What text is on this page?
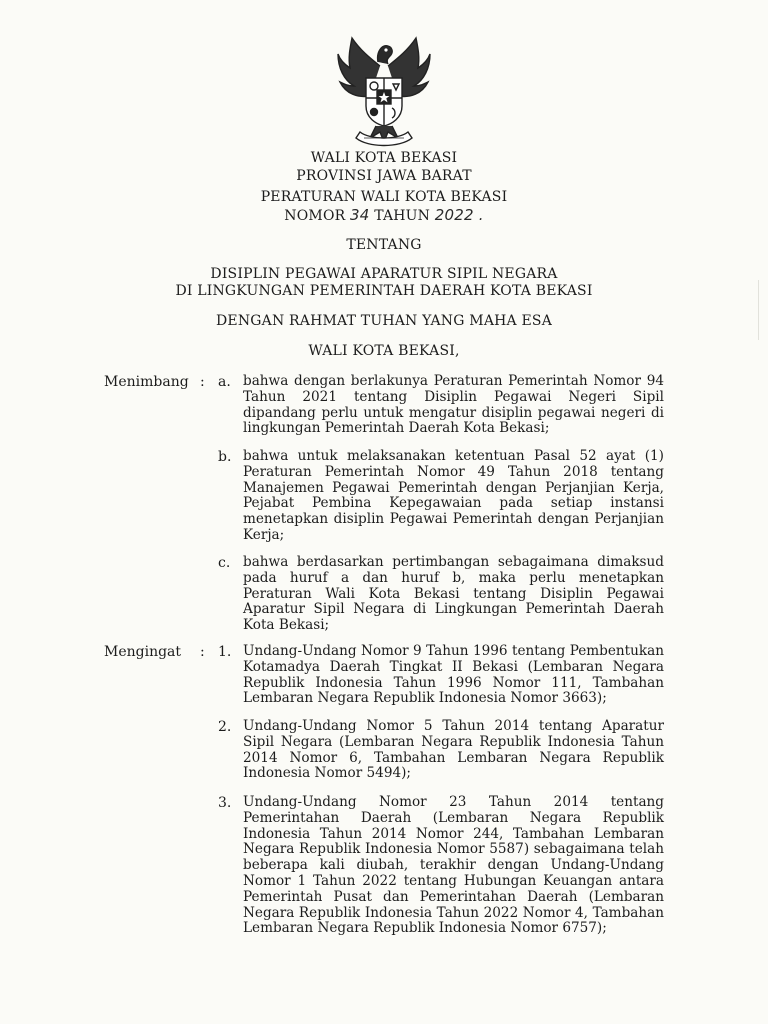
WALI KOTA BEKASI
PROVINSI JAWA BARAT
PERATURAN WALI KOTA BEKASI
NOMOR 34 TAHUN 2022 .
TENTANG
DISIPLIN PEGAWAI APARATUR SIPIL NEGARA
DI LINGKUNGAN PEMERINTAH DAERAH KOTA BEKASI
DENGAN RAHMAT TUHAN YANG MAHA ESA
WALI KOTA BEKASI,
Menimbang : a. bahwa dengan berlakunya Peraturan Pemerintah Nomor 94 Tahun 2021 tentang Disiplin Pegawai Negeri Sipil dipandang perlu untuk mengatur disiplin pegawai negeri di lingkungan Pemerintah Daerah Kota Bekasi;

b. bahwa untuk melaksanakan ketentuan Pasal 52 ayat (1) Peraturan Pemerintah Nomor 49 Tahun 2018 tentang Manajemen Pegawai Pemerintah dengan Perjanjian Kerja, Pejabat Pembina Kepegawaian pada setiap instansi menetapkan disiplin Pegawai Pemerintah dengan Perjanjian Kerja;

c. bahwa berdasarkan pertimbangan sebagaimana dimaksud pada huruf a dan huruf b, maka perlu menetapkan Peraturan Wali Kota Bekasi tentang Disiplin Pegawai Aparatur Sipil Negara di Lingkungan Pemerintah Daerah Kota Bekasi;

Mengingat : 1. Undang-Undang Nomor 9 Tahun 1996 tentang Pembentukan Kotamadya Daerah Tingkat II Bekasi (Lembaran Negara Republik Indonesia Tahun 1996 Nomor 111, Tambahan Lembaran Negara Republik Indonesia Nomor 3663);

2. Undang-Undang Nomor 5 Tahun 2014 tentang Aparatur Sipil Negara (Lembaran Negara Republik Indonesia Tahun 2014 Nomor 6, Tambahan Lembaran Negara Republik Indonesia Nomor 5494);

3. Undang-Undang Nomor 23 Tahun 2014 tentang Pemerintahan Daerah (Lembaran Negara Republik Indonesia Tahun 2014 Nomor 244, Tambahan Lembaran Negara Republik Indonesia Nomor 5587) sebagaimana telah beberapa kali diubah, terakhir dengan Undang-Undang Nomor 1 Tahun 2022 tentang Hubungan Keuangan antara Pemerintah Pusat dan Pemerintahan Daerah (Lembaran Negara Republik Indonesia Tahun 2022 Nomor 4, Tambahan Lembaran Negara Republik Indonesia Nomor 6757);
